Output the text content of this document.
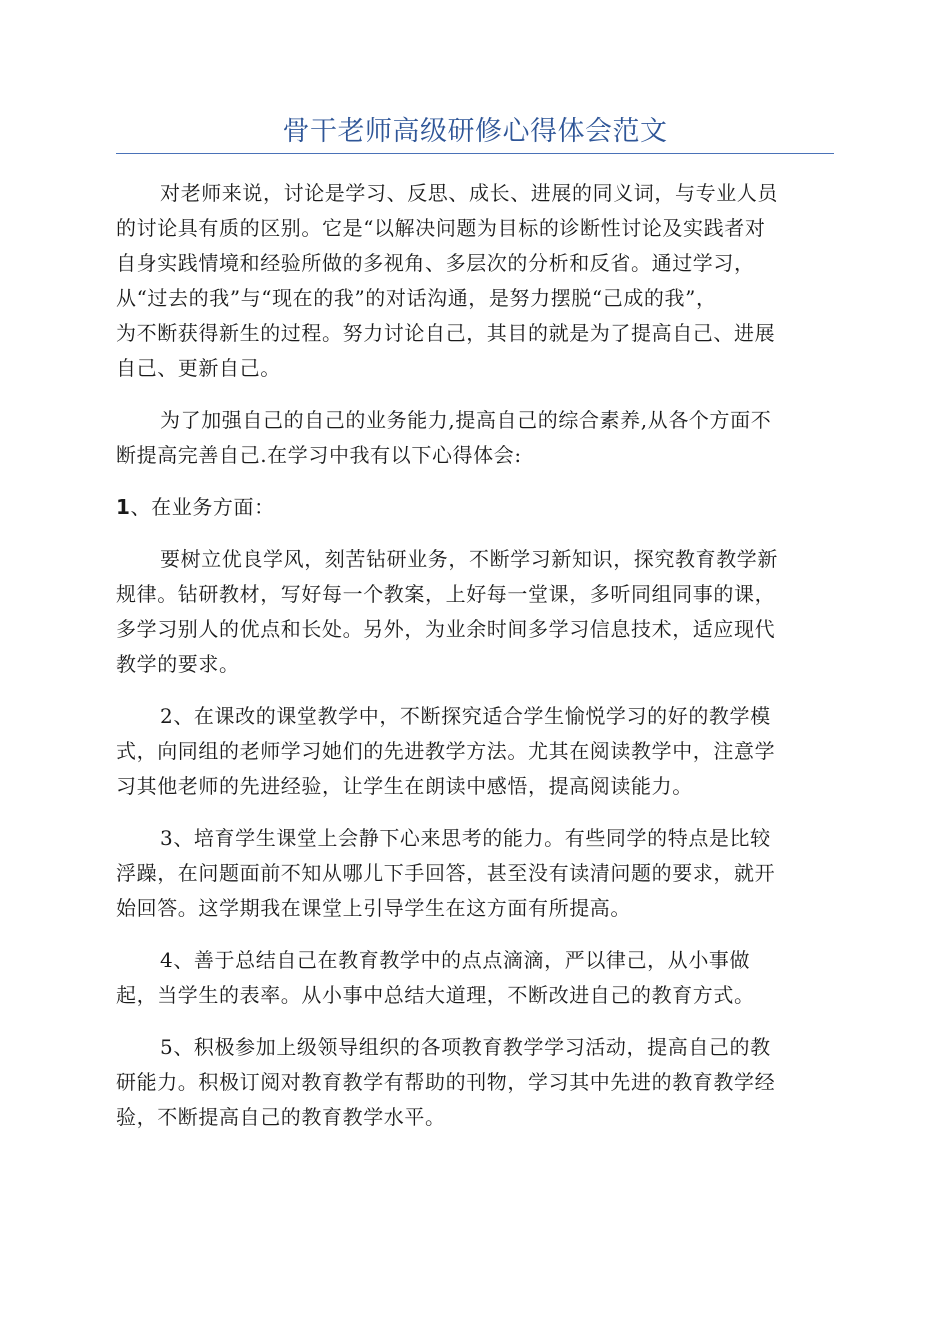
骨干老师高级研修心得体会范文

对老师来说，讨论是学习、反思、成长、进展的同义词，与专业人员
的讨论具有质的区别。它是“以解决问题为目标的诊断性讨论及实践者对
自身实践情境和经验所做的多视角、多层次的分析和反省。通过学习，
从“过去的我”与“现在的我”的对话沟通，是努力摆脱“己成的我”，
为不断获得新生的过程。努力讨论自己，其目的就是为了提高自己、进展
自己、更新自己。

为了加强自己的自己的业务能力,提高自己的综合素养,从各个方面不
断提高完善自己.在学习中我有以下心得体会:

1、在业务方面：

要树立优良学风，刻苦钻研业务，不断学习新知识，探究教育教学新
规律。钻研教材，写好每一个教案，上好每一堂课，多听同组同事的课，
多学习别人的优点和长处。另外，为业余时间多学习信息技术，适应现代
教学的要求。

2、在课改的课堂教学中，不断探究适合学生愉悦学习的好的教学模
式，向同组的老师学习她们的先进教学方法。尤其在阅读教学中，注意学
习其他老师的先进经验，让学生在朗读中感悟，提高阅读能力。

3、培育学生课堂上会静下心来思考的能力。有些同学的特点是比较
浮躁，在问题面前不知从哪儿下手回答，甚至没有读清问题的要求，就开
始回答。这学期我在课堂上引导学生在这方面有所提高。

4、善于总结自己在教育教学中的点点滴滴，严以律己，从小事做
起，当学生的表率。从小事中总结大道理，不断改进自己的教育方式。

5、积极参加上级领导组织的各项教育教学学习活动，提高自己的教
研能力。积极订阅对教育教学有帮助的刊物，学习其中先进的教育教学经
验，不断提高自己的教育教学水平。
